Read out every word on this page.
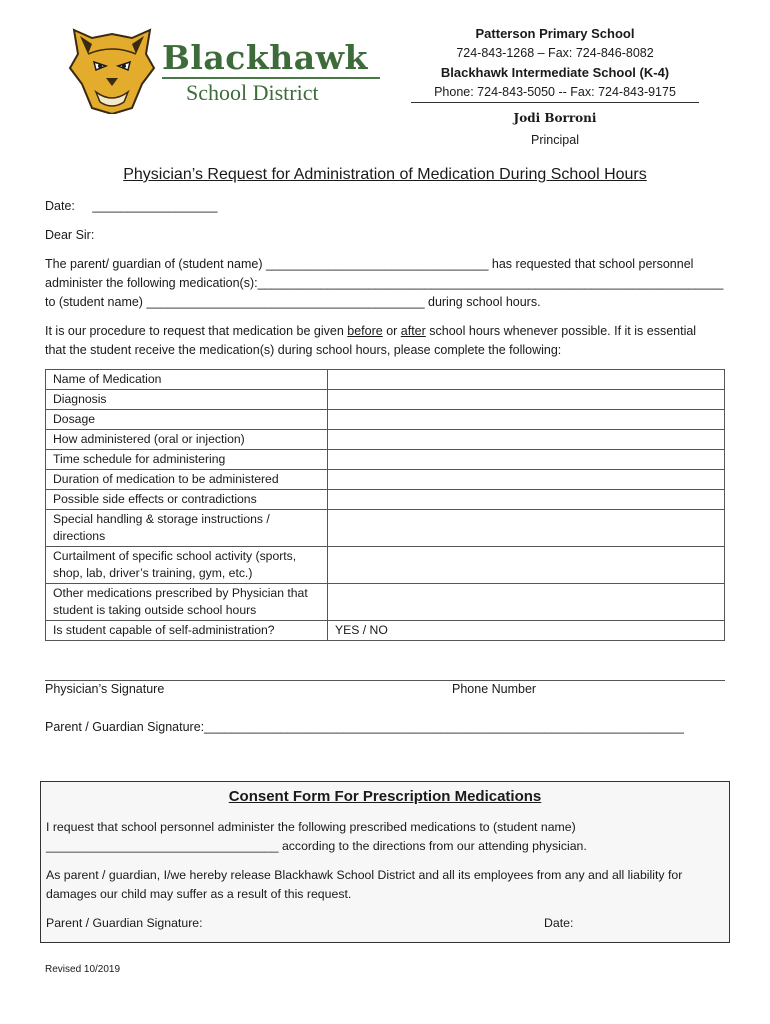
Blackhawk
School District
Patterson Primary School
724-843-1268 – Fax: 724-846-8082
Blackhawk Intermediate School (K-4)
Phone: 724-843-5050 -- Fax: 724-843-9175
Jodi Borroni
Principal
Physician’s Request for Administration of Medication During School Hours
Date: __________________
Dear Sir:
The parent/ guardian of (student name) ________________________________ has requested that school personnel
administer the following medication(s):___________________________________________________________________
to (student name) ________________________________________ during school hours.
It is our procedure to request that medication be given before or after school hours whenever possible. If it is essential
that the student receive the medication(s) during school hours, please complete the following:
Name of Medication	

Diagnosis	

Dosage	

How administered (oral or injection)	

Time schedule for administering	

Duration of medication to be administered	

Possible side effects or contradictions	

Special handling & storage instructions /
directions	

Curtailment of specific school activity (sports,
shop, lab, driver’s training, gym, etc.)	

Other medications prescribed by Physician that
student is taking outside school hours	

Is student capable of self-administration?	YES / NO
Physician’s Signature	Phone Number
Parent / Guardian Signature:_____________________________________________________________________
Consent Form For Prescription Medications
I request that school personnel administer the following prescribed medications to (student name)
__________________________________ according to the directions from our attending physician.
As parent / guardian, I/we hereby release Blackhawk School District and all its employees from any and all liability for
damages our child may suffer as a result of this request.
Parent / Guardian Signature:	Date:
Revised 10/2019
